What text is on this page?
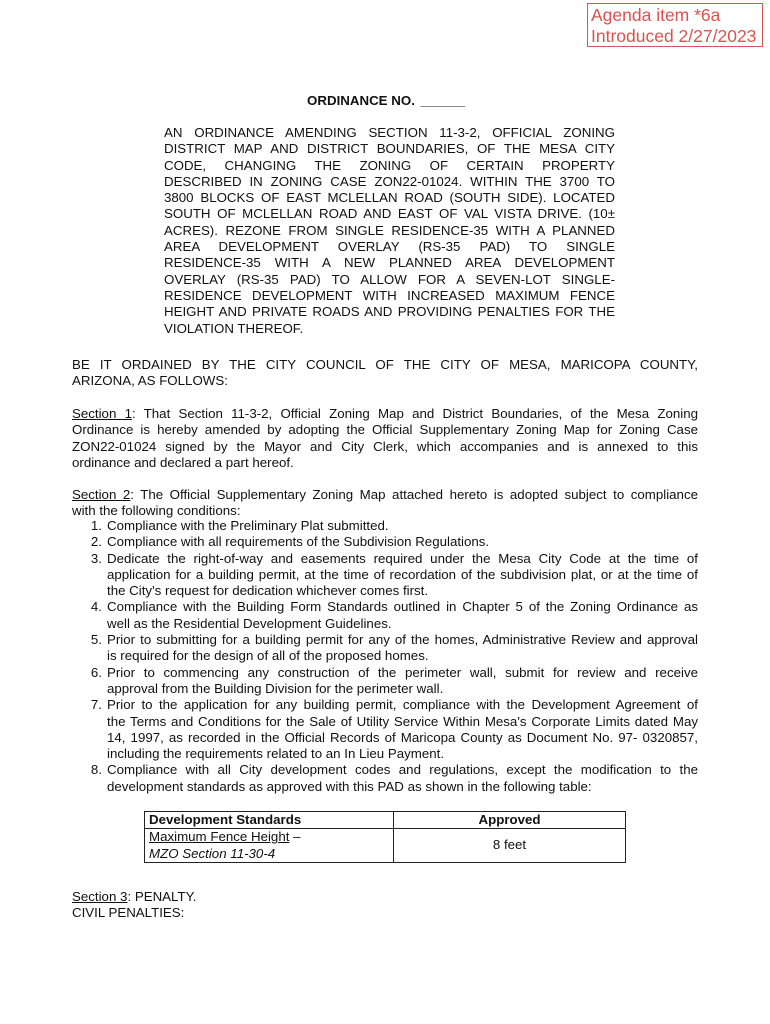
Agenda item *6a
Introduced 2/27/2023
ORDINANCE NO. ______
AN ORDINANCE AMENDING SECTION 11-3-2, OFFICIAL ZONING
DISTRICT MAP AND DISTRICT BOUNDARIES, OF THE MESA CITY
CODE, CHANGING THE ZONING OF CERTAIN PROPERTY
DESCRIBED IN ZONING CASE ZON22-01024. WITHIN THE 3700 TO
3800 BLOCKS OF EAST MCLELLAN ROAD (SOUTH SIDE). LOCATED
SOUTH OF MCLELLAN ROAD AND EAST OF VAL VISTA DRIVE. (10±
ACRES). REZONE FROM SINGLE RESIDENCE-35 WITH A PLANNED
AREA DEVELOPMENT OVERLAY (RS-35 PAD) TO SINGLE
RESIDENCE-35 WITH A NEW PLANNED AREA DEVELOPMENT
OVERLAY (RS-35 PAD) TO ALLOW FOR A SEVEN-LOT SINGLE-
RESIDENCE DEVELOPMENT WITH INCREASED MAXIMUM FENCE
HEIGHT AND PRIVATE ROADS AND PROVIDING PENALTIES FOR THE
VIOLATION THEREOF.
BE IT ORDAINED BY THE CITY COUNCIL OF THE CITY OF MESA, MARICOPA COUNTY,
ARIZONA, AS FOLLOWS:
Section 1: That Section 11-3-2, Official Zoning Map and District Boundaries, of the Mesa Zoning
Ordinance is hereby amended by adopting the Official Supplementary Zoning Map for Zoning Case
ZON22-01024 signed by the Mayor and City Clerk, which accompanies and is annexed to this
ordinance and declared a part hereof.
Section 2: The Official Supplementary Zoning Map attached hereto is adopted subject to compliance
with the following conditions:
1 . Compliance with the Preliminary Plat submitted.
2 . Compliance with all requirements of the Subdivision Regulations.
3 . Dedicate the right-of-way and easements required under the Mesa City Code at the time of
application for a building permit, at the time of recordation of the subdivision plat, or at the time of
the City's request for dedication whichever comes first.
4 . Compliance with the Building Form Standards outlined in Chapter 5 of the Zoning Ordinance as
well as the Residential Development Guidelines.
5 . Prior to submitting for a building permit for any of the homes, Administrative Review and approval
is required for the design of all of the proposed homes.
6 . Prior to commencing any construction of the perimeter wall, submit for review and receive
approval from the Building Division for the perimeter wall.
7 . Prior to the application for any building permit, compliance with the Development Agreement of
the Terms and Conditions for the Sale of Utility Service Within Mesa's Corporate Limits dated May
14, 1997, as recorded in the Official Records of Maricopa County as Document No. 97- 0320857,
including the requirements related to an In Lieu Payment.
8 . Compliance with all City development codes and regulations, except the modification to the
development standards as approved with this PAD as shown in the following table:
Development Standards	Approved
Maximum Fence Height –
MZO Section 11-30-4	8 feet
Section 3: PENALTY.
CIVIL PENALTIES:
